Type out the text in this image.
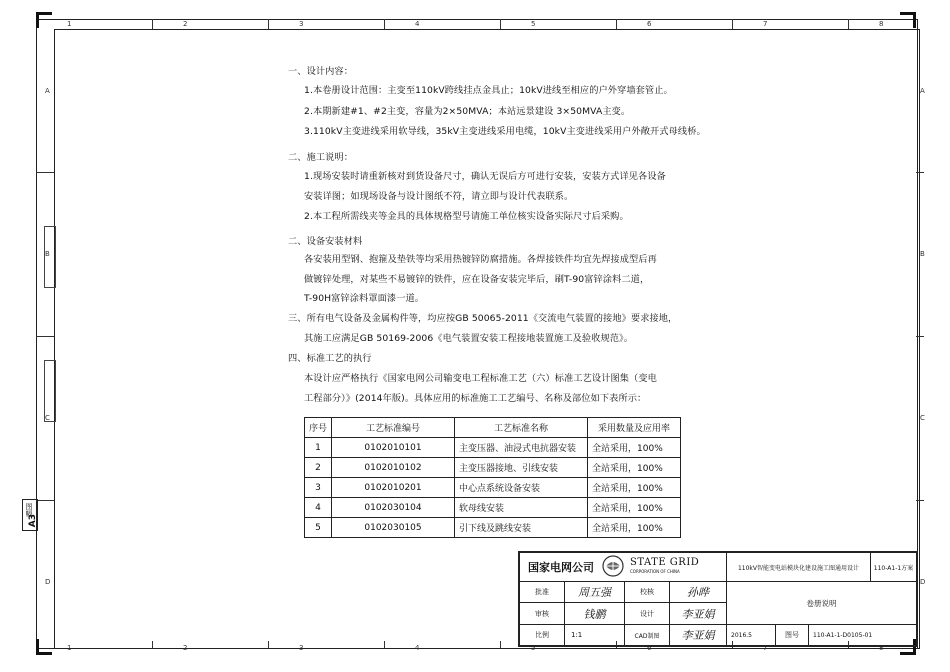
1	2	3	4	5	6	7	8
1	2	3	4	5	6	7	8
A
B
C
D
A
B
C
D
图幅
A3
一、设计内容：
1.本卷册设计范围：主变至110kV跨线挂点金具止；10kV进线至相应的户外穿墙套管止。
2.本期新建#1、#2主变，容量为2×50MVA；本站远景建设 3×50MVA主变。
3.110kV主变进线采用软导线，35kV主变进线采用电缆，10kV主变进线采用户外敞开式母线桥。
二、施工说明：
1.现场安装时请重新核对到货设备尺寸，确认无误后方可进行安装，安装方式详见各设备
安装详图；如现场设备与设计图纸不符，请立即与设计代表联系。
2.本工程所需线夹等金具的具体规格型号请施工单位核实设备实际尺寸后采购。
二、设备安装材料
各安装用型钢、抱箍及垫铁等均采用热镀锌防腐措施。各焊接铁件均宜先焊接成型后再
做镀锌处理，对某些不易镀锌的铁件，应在设备安装完毕后，刷T-90富锌涂料二道，
T-90H富锌涂料罩面漆一道。
三、所有电气设备及金属构件等，均应按GB 50065-2011《交流电气装置的接地》要求接地，
其施工应满足GB 50169-2006《电气装置安装工程接地装置施工及验收规范》。
四、标准工艺的执行
本设计应严格执行《国家电网公司输变电工程标准工艺（六）标准工艺设计图集（变电
工程部分）》(2014年版)。具体应用的标准施工工艺编号、名称及部位如下表所示：
序号	工艺标准编号	工艺标准名称	采用数量及应用率
1	0102010101	主变压器、油浸式电抗器安装	全站采用，100%
2	0102010102	主变压器接地、引线安装	全站采用，100%
3	0102010201	中心点系统设备安装	全站采用，100%
4	0102030104	软母线安装	全站采用，100%
5	0102030105	引下线及跳线安装	全站采用，100%
国家电网公司	STATE GRID
CORPORATION OF CHINA	110kV智能变电站模块化建设施工图通用设计	110-A1-1方案
批准	周五强	校核	孙晔
卷册说明
审核	钱鹏	设计	李亚娟
比例	1:1	CAD制图	李亚娟	2016.5	图号	110-A1-1-D0105-01
